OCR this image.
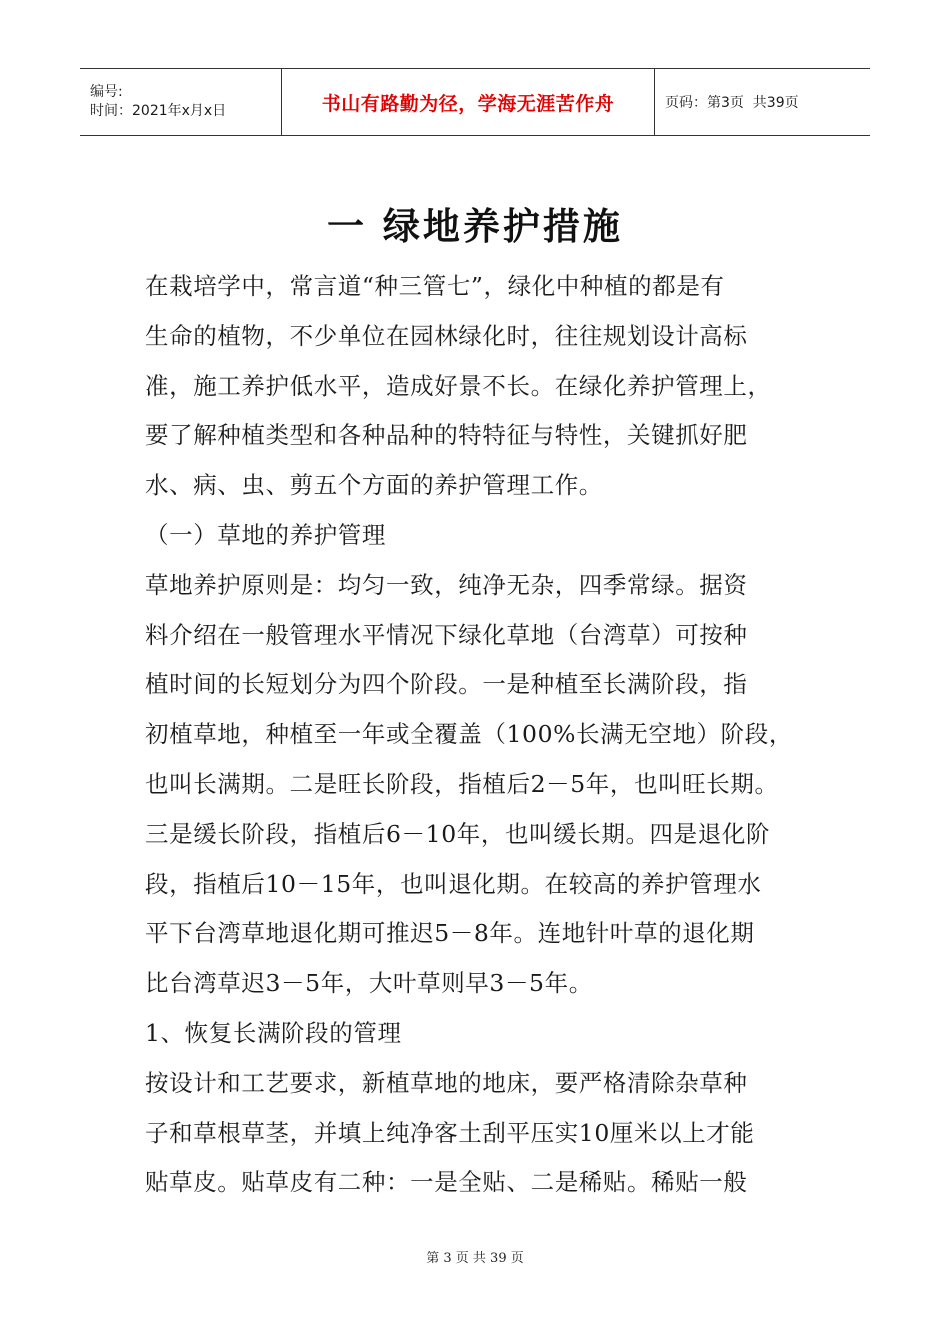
编号:
时间：2021年x月x日	书山有路勤为径，学海无涯苦作舟	页码：第3页  共39页
一 绿地养护措施
在栽培学中，常言道“种三管七”，绿化中种植的都是有
生命的植物，不少单位在园林绿化时，往往规划设计高标
准，施工养护低水平，造成好景不长。在绿化养护管理上，
要了解种植类型和各种品种的特特征与特性，关键抓好肥
水、病、虫、剪五个方面的养护管理工作。
（一）草地的养护管理
草地养护原则是：均匀一致，纯净无杂，四季常绿。据资
料介绍在一般管理水平情况下绿化草地（台湾草）可按种
植时间的长短划分为四个阶段。一是种植至长满阶段，指
初植草地，种植至一年或全覆盖（100%长满无空地）阶段，
也叫长满期。二是旺长阶段，指植后2－5年，也叫旺长期。
三是缓长阶段，指植后6－10年，也叫缓长期。四是退化阶
段，指植后10－15年，也叫退化期。在较高的养护管理水
平下台湾草地退化期可推迟5－8年。连地针叶草的退化期
比台湾草迟3－5年，大叶草则早3－5年。
1、恢复长满阶段的管理
按设计和工艺要求，新植草地的地床，要严格清除杂草种
子和草根草茎，并填上纯净客土刮平压实10厘米以上才能
贴草皮。贴草皮有二种：一是全贴、二是稀贴。稀贴一般
第 3 页 共 39 页
